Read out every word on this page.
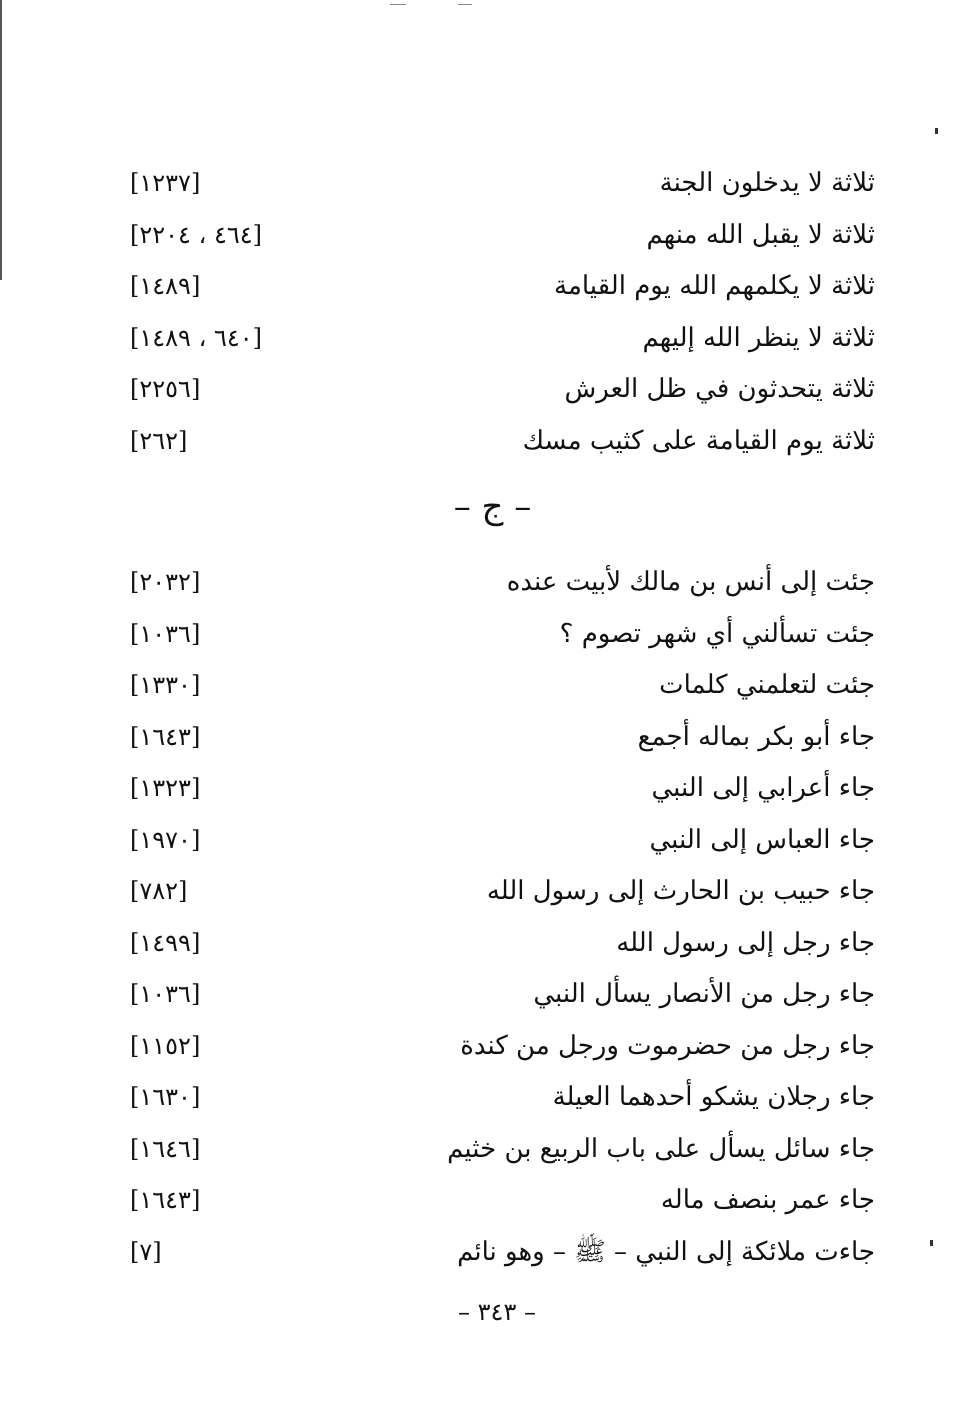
ثلاثة لا يدخلون الجنة
[١٢٣٧]
ثلاثة لا يقبل الله منهم
[٤٦٤ ، ٢٢٠٤]
ثلاثة لا يكلمهم الله يوم القيامة
[١٤٨٩]
ثلاثة لا ينظر الله إليهم
[٦٤٠ ، ١٤٨٩]
ثلاثة يتحدثون في ظل العرش
[٢٢٥٦]
ثلاثة يوم القيامة على كثيب مسك
[٢٦٢]
– ج –
جئت إلى أنس بن مالك لأبيت عنده
[٢٠٣٢]
جئت تسألني أي شهر تصوم ؟
[١٠٣٦]
جئت لتعلمني كلمات
[١٣٣٠]
جاء أبو بكر بماله أجمع
[١٦٤٣]
جاء أعرابي إلى النبي
[١٣٢٣]
جاء العباس إلى النبي
[١٩٧٠]
جاء حبيب بن الحارث إلى رسول الله
[٧٨٢]
جاء رجل إلى رسول الله
[١٤٩٩]
جاء رجل من الأنصار يسأل النبي
[١٠٣٦]
جاء رجل من حضرموت ورجل من كندة
[١١٥٢]
جاء رجلان يشكو أحدهما العيلة
[١٦٣٠]
جاء سائل يسأل على باب الربيع بن خثيم
[١٦٤٦]
جاء عمر بنصف ماله
[١٦٤٣]
جاءت ملائكة إلى النبي – ﷺ – وهو نائم
[٧]
– ٣٤٣ –
